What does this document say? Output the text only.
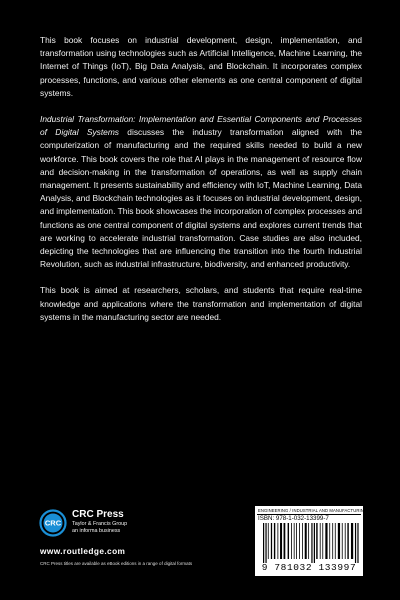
This book focuses on industrial development, design, implementation, and transformation using technologies such as Artificial Intelligence, Machine Learning, the Internet of Things (IoT), Big Data Analysis, and Blockchain. It incorporates complex processes, functions, and various other elements as one central component of digital systems.

Industrial Transformation: Implementation and Essential Components and Processes of Digital Systems discusses the industry transformation aligned with the computerization of manufacturing and the required skills needed to build a new workforce. This book covers the role that AI plays in the management of resource flow and decision-making in the transformation of operations, as well as supply chain management. It presents sustainability and efficiency with IoT, Machine Learning, Data Analysis, and Blockchain technologies as it focuses on industrial development, design, and implementation. This book showcases the incorporation of complex processes and functions as one central component of digital systems and explores current trends that are working to accelerate industrial transformation. Case studies are also included, depicting the technologies that are influencing the transition into the fourth Industrial Revolution, such as industrial infrastructure, biodiversity, and enhanced productivity.

This book is aimed at researchers, scholars, and students that require real-time knowledge and applications where the transformation and implementation of digital systems in the manufacturing sector are needed.

CRC
CRC Press
Taylor & Francis Group
an informa business
www.routledge.com
CRC Press titles are available as eBook editions in a range of digital formats
ENGINEERING / INDUSTRIAL AND MANUFACTURING
ISBN: 978-1-032-13399-7
9 781032 133997
